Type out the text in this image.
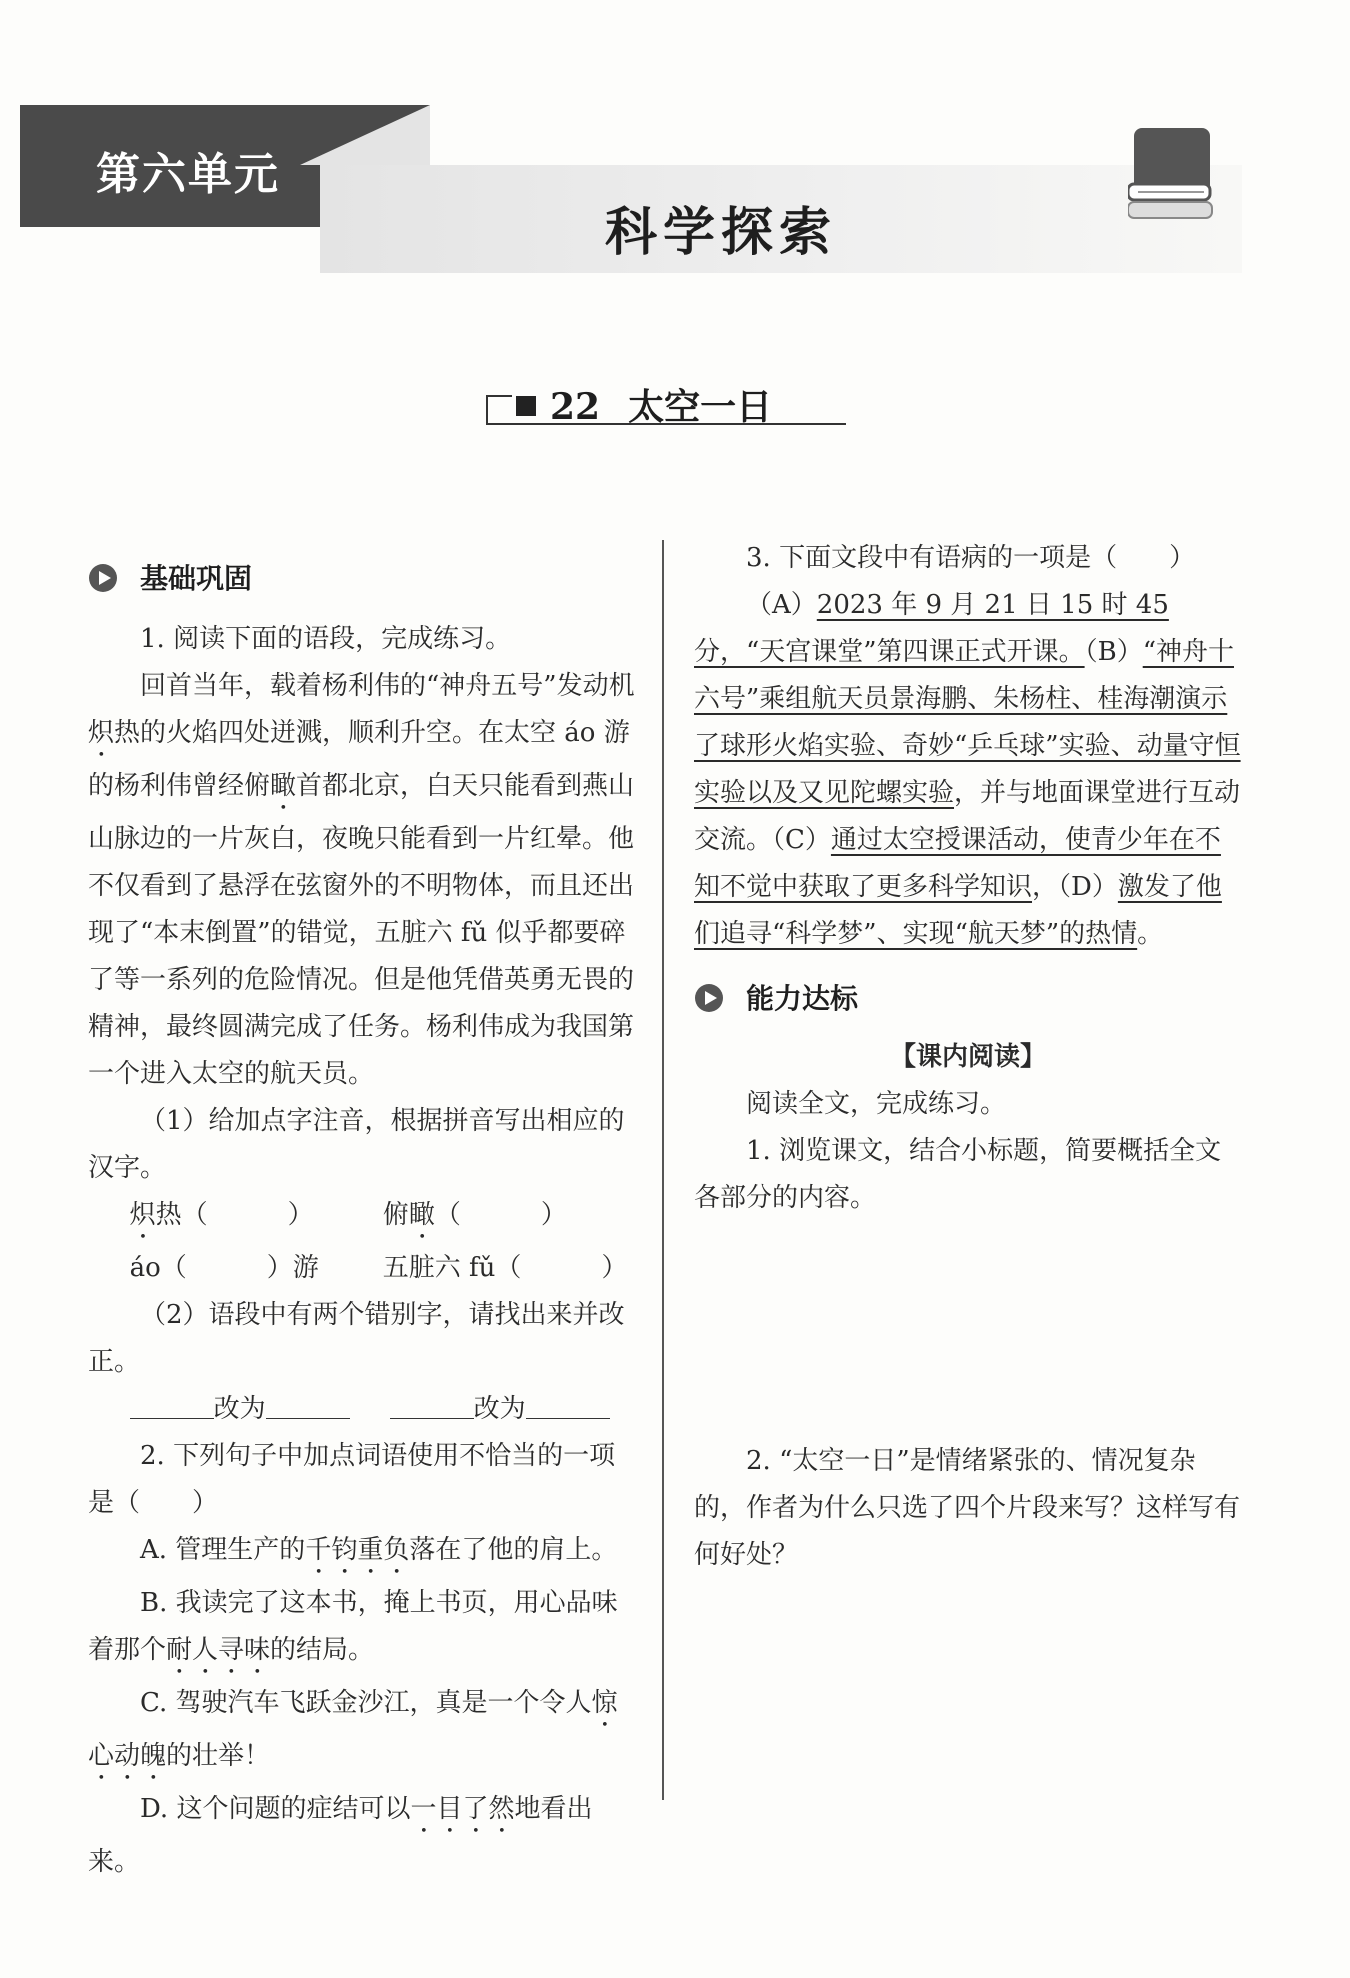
第六单元
科学探索
22 太空一日
基础巩固

1. 阅读下面的语段，完成练习。

回首当年，载着杨利伟的“神舟五号”发动机炽热的火焰四处迸溅，顺利升空。在太空 áo 游的杨利伟曾经俯瞰首都北京，白天只能看到燕山山脉边的一片灰白，夜晚只能看到一片红晕。他不仅看到了悬浮在弦窗外的不明物体，而且还出现了“本末倒置”的错觉，五脏六 fǔ 似乎都要碎了等一系列的危险情况。但是他凭借英勇无畏的精神，最终圆满完成了任务。杨利伟成为我国第一个进入太空的航天员。

（1）给加点字注音，根据拼音写出相应的汉字。

炽热（	）	俯瞰（	）
áo（	）游	五脏六 fǔ（	）

（2）语段中有两个错别字，请找出来并改正。

改为	改为

2. 下列句子中加点词语使用不恰当的一项是（　　）

A. 管理生产的千钧重负落在了他的肩上。

B. 我读完了这本书，掩上书页，用心品味着那个耐人寻味的结局。

C. 驾驶汽车飞跃金沙江，真是一个令人惊心动魄的壮举！

D. 这个问题的症结可以一目了然地看出来。

3. 下面文段中有语病的一项是（　　）

（A）2023 年 9 月 21 日 15 时 45 分，“天宫课堂”第四课正式开课。（B）“神舟十六号”乘组航天员景海鹏、朱杨柱、桂海潮演示了球形火焰实验、奇妙“乒乓球”实验、动量守恒实验以及又见陀螺实验，并与地面课堂进行互动交流。（C）通过太空授课活动，使青少年在不知不觉中获取了更多科学知识，（D）激发了他们追寻“科学梦”、实现“航天梦”的热情。

能力达标

【课内阅读】

阅读全文，完成练习。

1. 浏览课文，结合小标题，简要概括全文各部分的内容。

2. “太空一日”是情绪紧张的、情况复杂的，作者为什么只选了四个片段来写？这样写有何好处？
